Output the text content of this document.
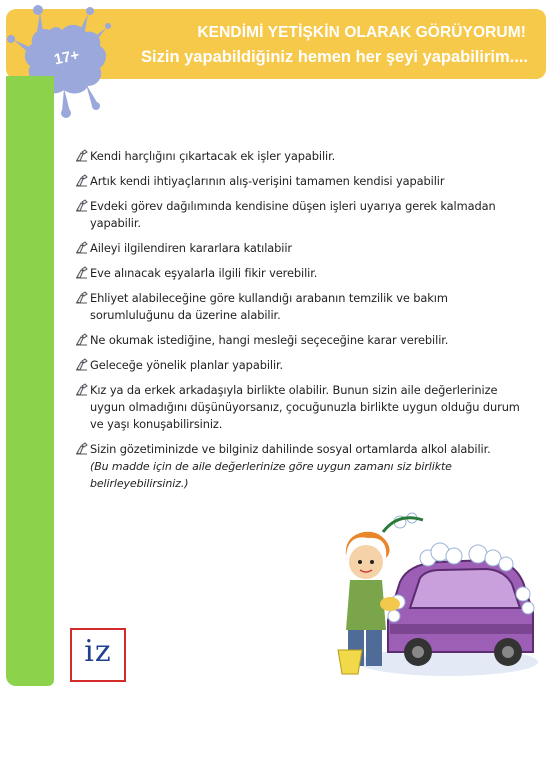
KENDİMİ YETİŞKİN OLARAK GÖRÜYORUM!
Sizin yapabildiğiniz hemen her şeyi yapabilirim....
17+
Kendi harçlığını çıkartacak ek işler yapabilir.
Artık kendi ihtiyaçlarının alış-verişini tamamen kendisi yapabilir
Evdeki görev dağılımında kendisine düşen işleri uyarıya gerek kalmadan yapabilir.
Aileyi ilgilendiren kararlara katılabiir
Eve alınacak eşyalarla ilgili fikir verebilir.
Ehliyet alabileceğine göre kullandığı arabanın temzilik ve bakım sorumluluğunu da üzerine alabilir.
Ne okumak istediğine, hangi mesleği seçeceğine karar verebilir.
Geleceğe yönelik planlar yapabilir.
Kız ya da erkek arkadaşıyla birlikte olabilir. Bunun sizin aile değerlerinize uygun olmadığını düşünüyorsanız, çocuğunuzla birlikte uygun olduğu durum ve yaşı konuşabilirsiniz.
Sizin gözetiminizde ve bilginiz dahilinde sosyal ortamlarda alkol alabilir.
(Bu madde için de aile değerlerinize göre uygun zamanı siz birlikte belirleyebilirsiniz.)
iz
